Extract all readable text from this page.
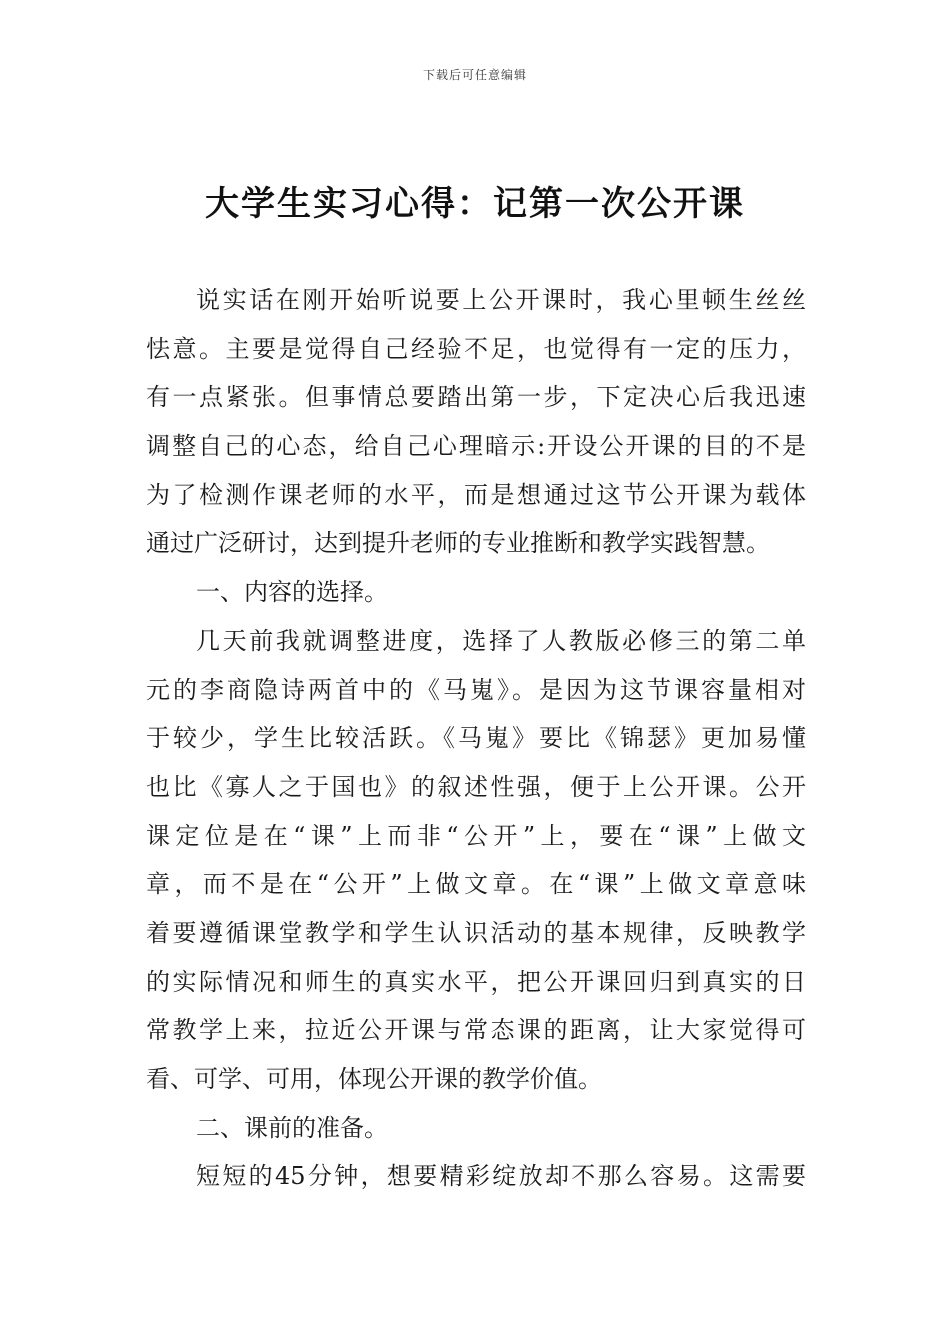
下载后可任意编辑
大学生实习心得：记第一次公开课
说实话在刚开始听说要上公开课时，我心里顿生丝丝
怯意。主要是觉得自己经验不足，也觉得有一定的压力，
有一点紧张。但事情总要踏出第一步，下定决心后我迅速
调整自己的心态，给自己心理暗示:开设公开课的目的不是
为了检测作课老师的水平，而是想通过这节公开课为载体
通过广泛研讨，达到提升老师的专业推断和教学实践智慧。
一、内容的选择。
几天前我就调整进度，选择了人教版必修三的第二单
元的李商隐诗两首中的《马嵬》。是因为这节课容量相对
于较少，学生比较活跃。《马嵬》要比《锦瑟》更加易懂
也比《寡人之于国也》的叙述性强，便于上公开课。公开
课定位是在“课”上而非“公开”上，要在“课”上做文
章，而不是在“公开”上做文章。在“课”上做文章意味
着要遵循课堂教学和学生认识活动的基本规律，反映教学
的实际情况和师生的真实水平，把公开课回归到真实的日
常教学上来，拉近公开课与常态课的距离，让大家觉得可
看、可学、可用，体现公开课的教学价值。
二、课前的准备。
短短的45分钟，想要精彩绽放却不那么容易。这需要
